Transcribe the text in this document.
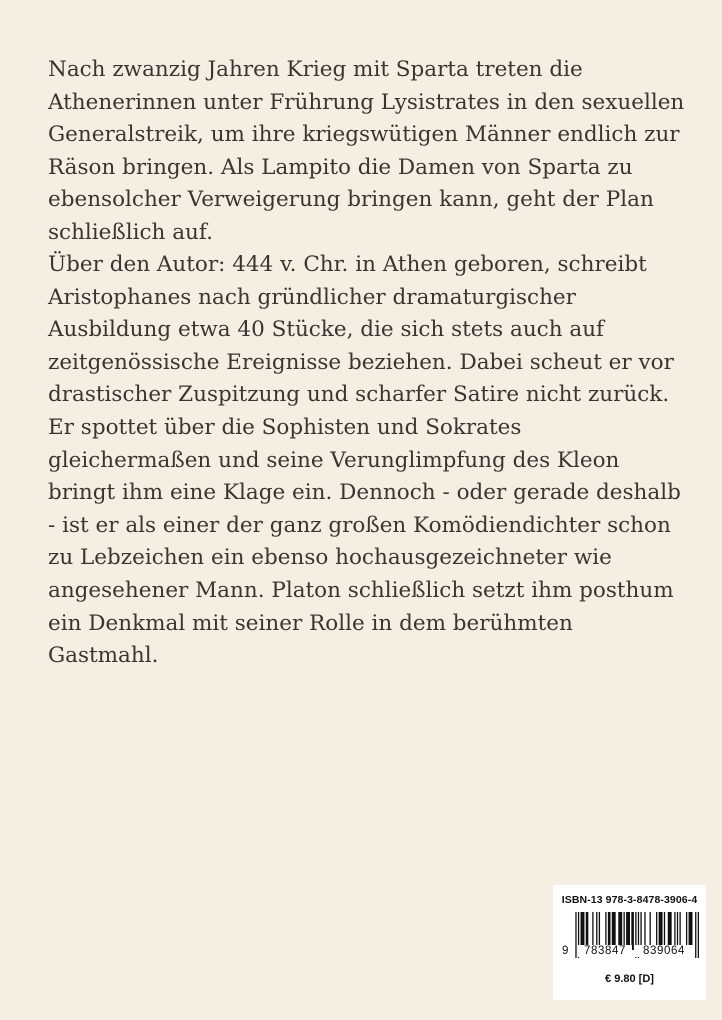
Nach zwanzig Jahren Krieg mit Sparta treten die Athenerinnen unter Frührung Lysistrates in den sexuellen Generalstreik, um ihre kriegswütigen Männer endlich zur Räson bringen. Als Lampito die Damen von Sparta zu ebensolcher Verweigerung bringen kann, geht der Plan schließlich auf.

Über den Autor: 444 v. Chr. in Athen geboren, schreibt Aristophanes nach gründlicher dramaturgischer Ausbildung etwa 40 Stücke, die sich stets auch auf zeitgenössische Ereignisse beziehen. Dabei scheut er vor drastischer Zuspitzung und scharfer Satire nicht zurück. Er spottet über die Sophisten und Sokrates gleichermaßen und seine Verunglimpfung des Kleon bringt ihm eine Klage ein. Dennoch - oder gerade deshalb - ist er als einer der ganz großen Komödiendichter schon zu Lebzeichen ein ebenso hochausgezeichneter wie angesehener Mann. Platon schließlich setzt ihm posthum ein Denkmal mit seiner Rolle in dem berühmten Gastmahl.

ISBN-13 978-3-8478-3906-4
9	783847	839064
€ 9.80 [D]
